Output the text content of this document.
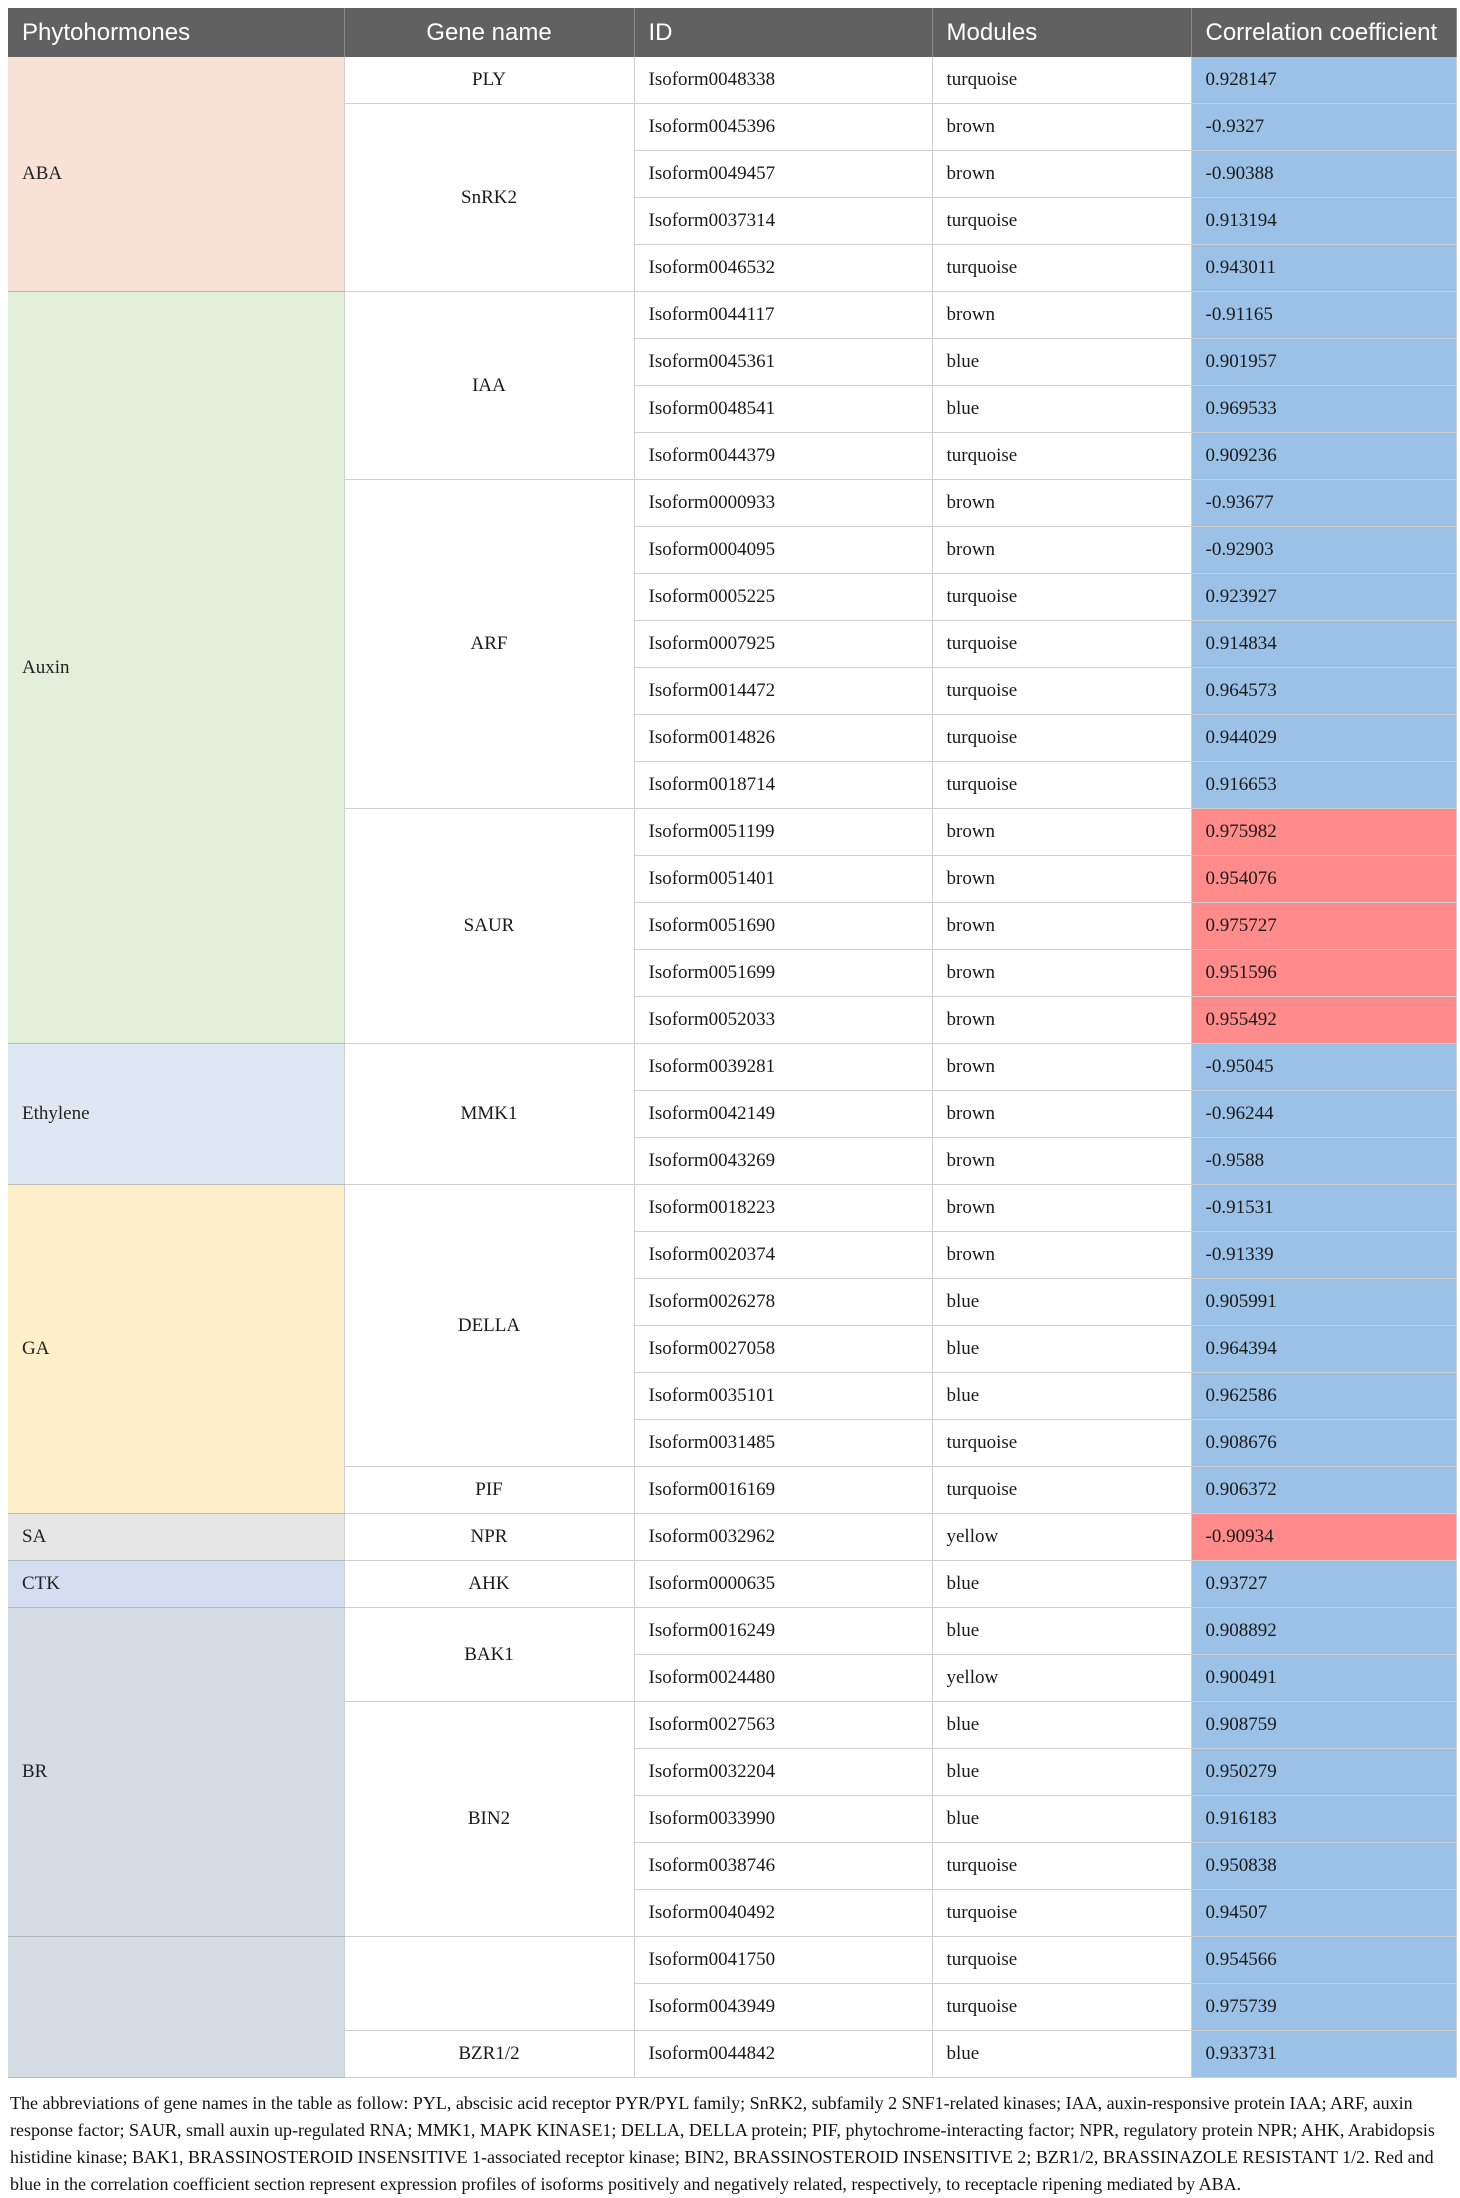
Phytohormones	Gene name	ID	Modules	Correlation coefficient
ABA	PLY	Isoform0048338	turquoise	0.928147
	SnRK2	Isoform0045396	brown	-0.9327
		Isoform0049457	brown	-0.90388
		Isoform0037314	turquoise	0.913194
		Isoform0046532	turquoise	0.943011
Auxin	IAA	Isoform0044117	brown	-0.91165
		Isoform0045361	blue	0.901957
		Isoform0048541	blue	0.969533
		Isoform0044379	turquoise	0.909236
	ARF	Isoform0000933	brown	-0.93677
		Isoform0004095	brown	-0.92903
		Isoform0005225	turquoise	0.923927
		Isoform0007925	turquoise	0.914834
		Isoform0014472	turquoise	0.964573
		Isoform0014826	turquoise	0.944029
		Isoform0018714	turquoise	0.916653
	SAUR	Isoform0051199	brown	0.975982
		Isoform0051401	brown	0.954076
		Isoform0051690	brown	0.975727
		Isoform0051699	brown	0.951596
		Isoform0052033	brown	0.955492
Ethylene	MMK1	Isoform0039281	brown	-0.95045
		Isoform0042149	brown	-0.96244
		Isoform0043269	brown	-0.9588
GA	DELLA	Isoform0018223	brown	-0.91531
		Isoform0020374	brown	-0.91339
		Isoform0026278	blue	0.905991
		Isoform0027058	blue	0.964394
		Isoform0035101	blue	0.962586
		Isoform0031485	turquoise	0.908676
	PIF	Isoform0016169	turquoise	0.906372
SA	NPR	Isoform0032962	yellow	-0.90934
CTK	AHK	Isoform0000635	blue	0.93727
BR	BAK1	Isoform0016249	blue	0.908892
		Isoform0024480	yellow	0.900491
	BIN2	Isoform0027563	blue	0.908759
		Isoform0032204	blue	0.950279
		Isoform0033990	blue	0.916183
		Isoform0038746	turquoise	0.950838
		Isoform0040492	turquoise	0.94507
		Isoform0041750	turquoise	0.954566
		Isoform0043949	turquoise	0.975739
	BZR1/2	Isoform0044842	blue	0.933731
The abbreviations of gene names in the table as follow: PYL, abscisic acid receptor PYR/PYL family; SnRK2, subfamily 2 SNF1-related kinases; IAA, auxin-responsive protein IAA; ARF, auxin response factor; SAUR, small auxin up-regulated RNA; MMK1, MAPK KINASE1; DELLA, DELLA protein; PIF, phytochrome-interacting factor; NPR, regulatory protein NPR; AHK, Arabidopsis histidine kinase; BAK1, BRASSINOSTEROID INSENSITIVE 1-associated receptor kinase; BIN2, BRASSINOSTEROID INSENSITIVE 2; BZR1/2, BRASSINAZOLE RESISTANT 1/2. Red and blue in the correlation coefficient section represent expression profiles of isoforms positively and negatively related, respectively, to receptacle ripening mediated by ABA.
